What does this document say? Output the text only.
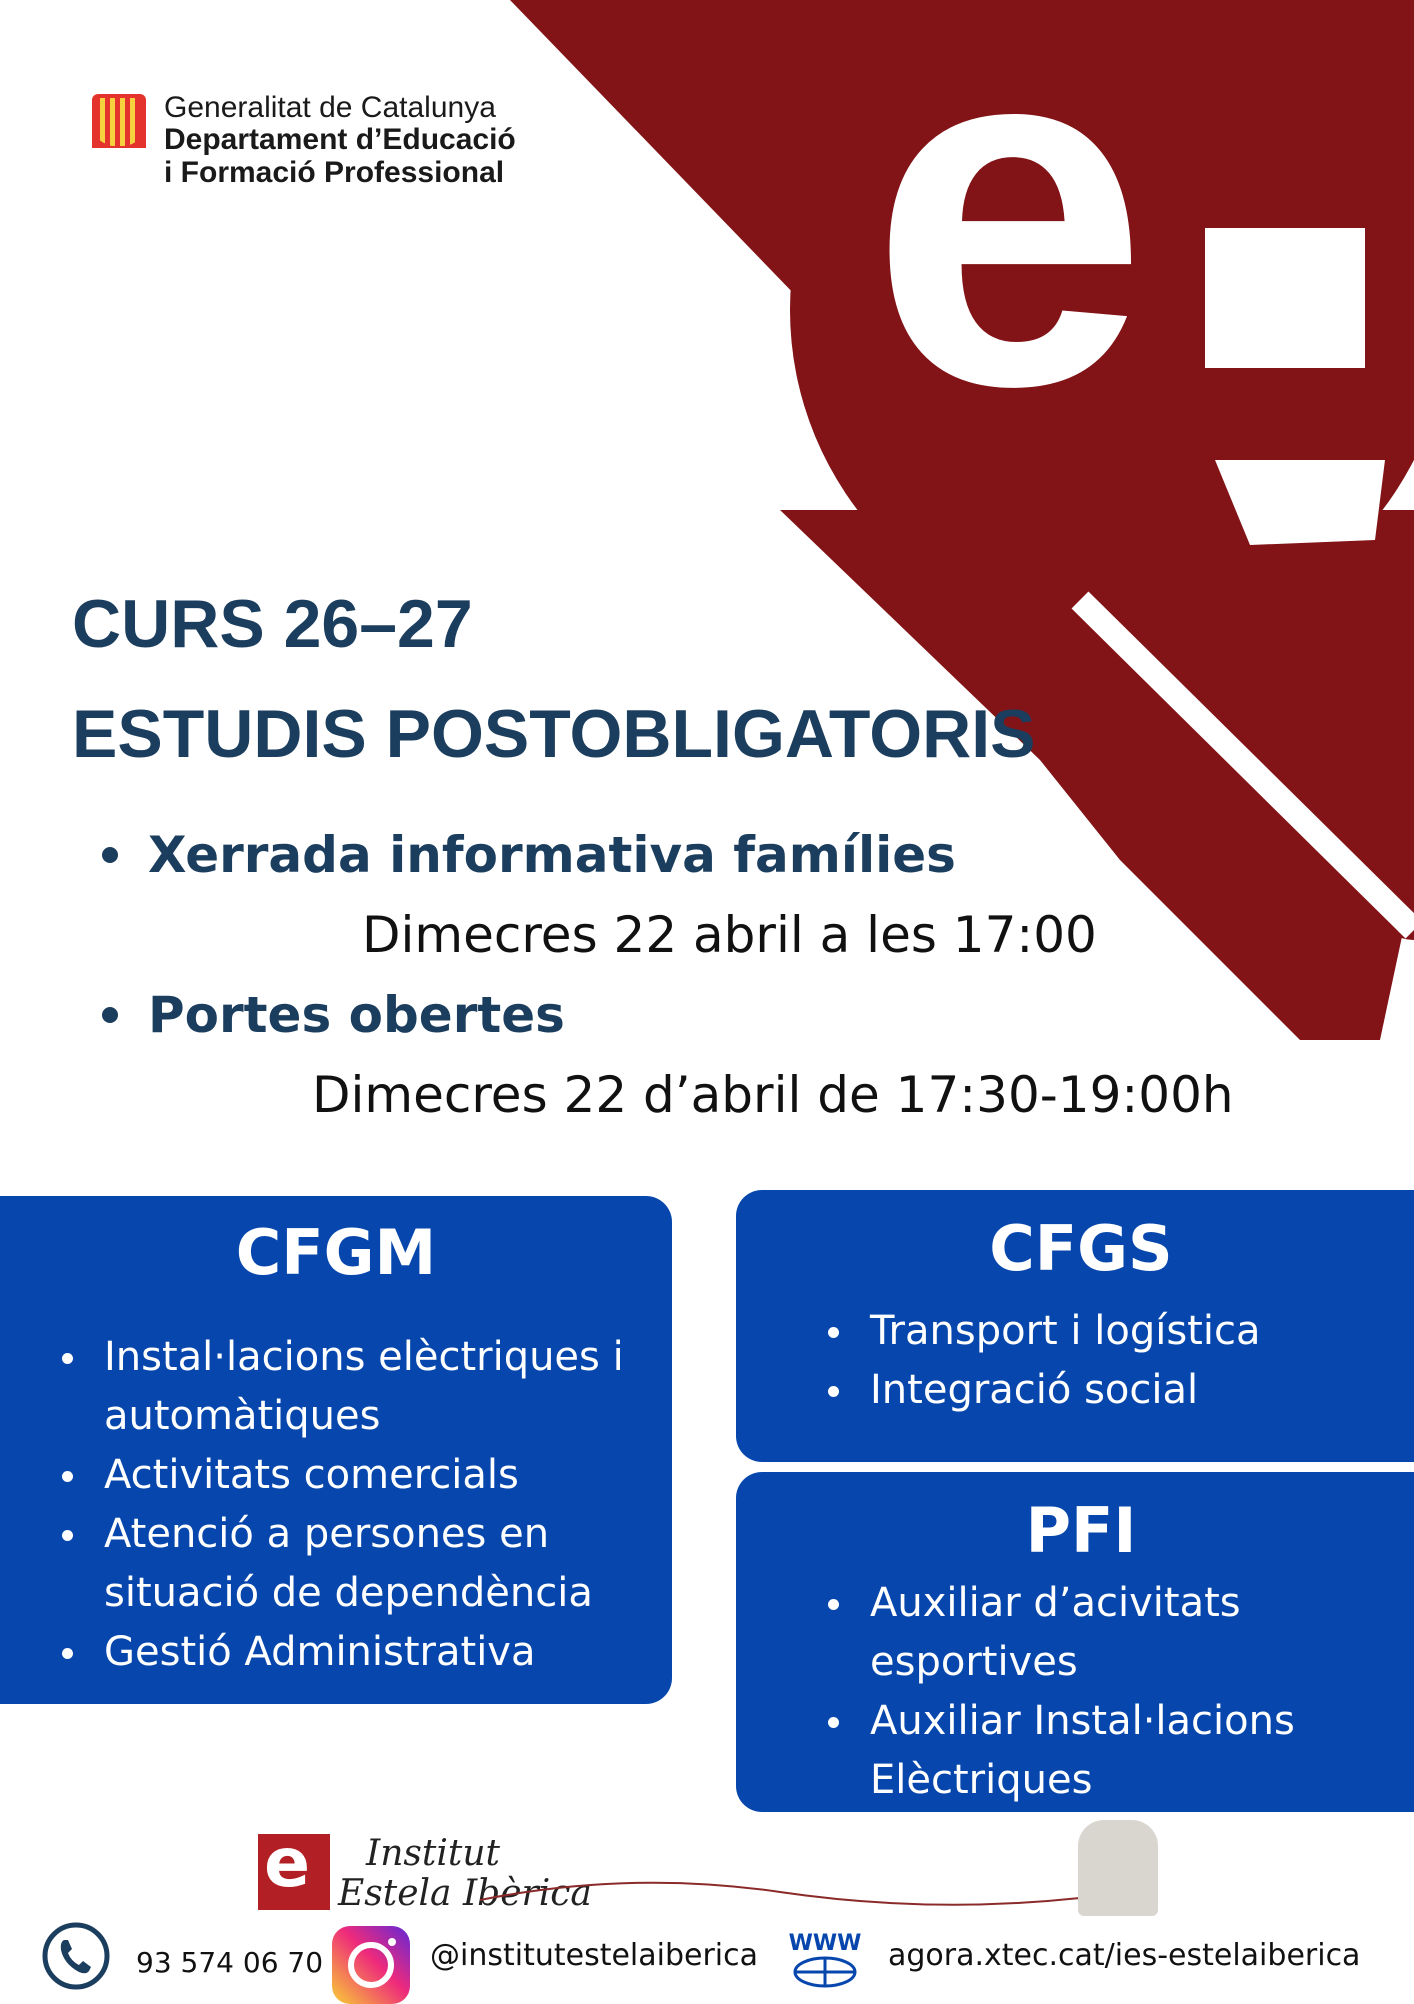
e
Generalitat de Catalunya
Departament d’Educació
i Formació Professional
CURS 26–27
ESTUDIS POSTOBLIGATORIS
Xerrada informativa famílies
Dimecres 22 abril a les 17:00
Portes obertes
Dimecres 22 d’abril de 17:30-19:00h
CFGM
Instal·lacions elèctriques i
automàtiques
Activitats comercials
Atenció a persones en
situació de dependència
Gestió Administrativa
CFGS
Transport i logística
Integració social
PFI
Auxiliar d’acivitats
esportives
Auxiliar Instal·lacions
Elèctriques
e	Institut
Estela Ibèrica
93 574 06 70	@institutestelaiberica WWW agora.xtec.cat/ies-estelaiberica
